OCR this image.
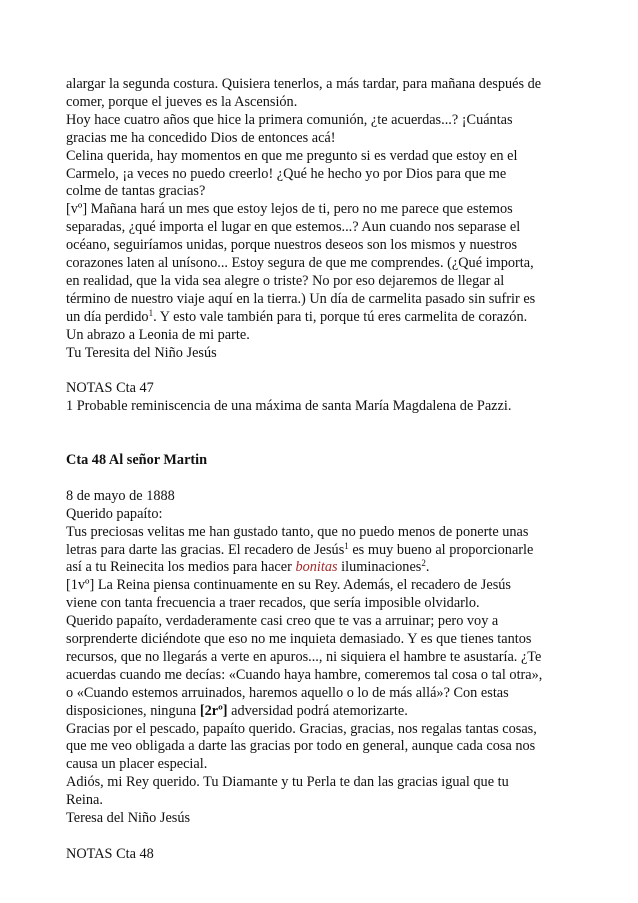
alargar la segunda costura. Quisiera tenerlos, a más tardar, para mañana después de
comer, porque el jueves es la Ascensión.
Hoy hace cuatro años que hice la primera comunión, ¿te acuerdas...? ¡Cuántas
gracias me ha concedido Dios de entonces acá!
Celina querida, hay momentos en que me pregunto si es verdad que estoy en el
Carmelo, ¡a veces no puedo creerlo! ¿Qué he hecho yo por Dios para que me
colme de tantas gracias?
[vº] Mañana hará un mes que estoy lejos de ti, pero no me parece que estemos
separadas, ¿qué importa el lugar en que estemos...? Aun cuando nos separase el
océano, seguiríamos unidas, porque nuestros deseos son los mismos y nuestros
corazones laten al unísono... Estoy segura de que me comprendes. (¿Qué importa,
en realidad, que la vida sea alegre o triste? No por eso dejaremos de llegar al
término de nuestro viaje aquí en la tierra.) Un día de carmelita pasado sin sufrir es
un día perdido$^1$. Y esto vale también para ti, porque tú eres carmelita de corazón.
Un abrazo a Leonia de mi parte.
Tu Teresita del Niño Jesús
NOTAS Cta 47
1 Probable reminiscencia de una máxima de santa María Magdalena de Pazzi.
Cta 48 Al señor Martin
8 de mayo de 1888
Querido papaíto:
Tus preciosas velitas me han gustado tanto, que no puedo menos de ponerte unas
letras para darte las gracias. El recadero de Jesús$^1$ es muy bueno al proporcionarle
así a tu Reinecita los medios para hacer bonitas iluminaciones$^2$.
[1vº] La Reina piensa continuamente en su Rey. Además, el recadero de Jesús
viene con tanta frecuencia a traer recados, que sería imposible olvidarlo.
Querido papaíto, verdaderamente casi creo que te vas a arruinar; pero voy a
sorprenderte diciéndote que eso no me inquieta demasiado. Y es que tienes tantos
recursos, que no llegarás a verte en apuros..., ni siquiera el hambre te asustaría. ¿Te
acuerdas cuando me decías: «Cuando haya hambre, comeremos tal cosa o tal otra»,
o «Cuando estemos arruinados, haremos aquello o lo de más allá»? Con estas
disposiciones, ninguna [2rº] adversidad podrá atemorizarte.
Gracias por el pescado, papaíto querido. Gracias, gracias, nos regalas tantas cosas,
que me veo obligada a darte las gracias por todo en general, aunque cada cosa nos
causa un placer especial.
Adiós, mi Rey querido. Tu Diamante y tu Perla te dan las gracias igual que tu
Reina.
Teresa del Niño Jesús
NOTAS Cta 48
